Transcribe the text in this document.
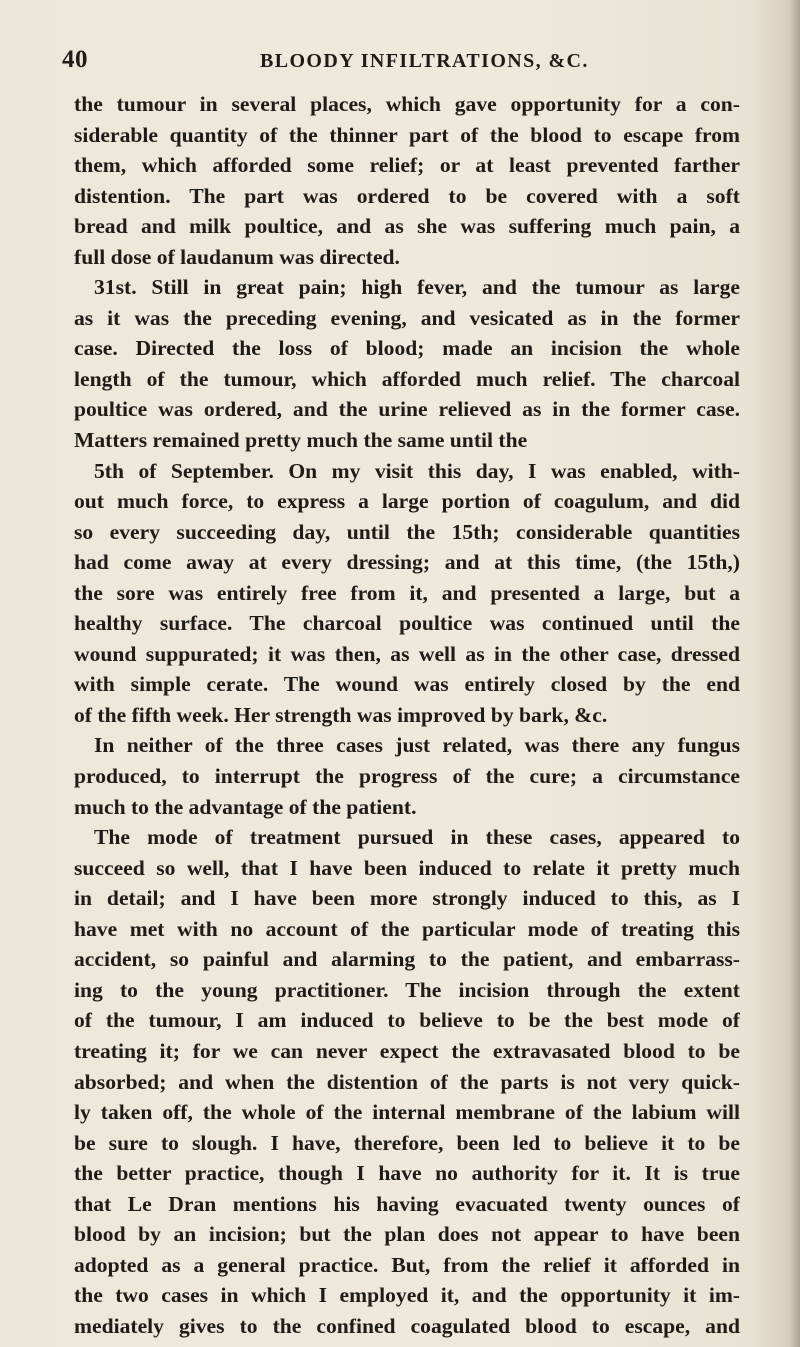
40	BLOODY INFILTRATIONS, &C.
the tumour in several places, which gave opportunity for a con-
siderable quantity of the thinner part of the blood to escape from
them, which afforded some relief; or at least prevented farther
distention. The part was ordered to be covered with a soft
bread and milk poultice, and as she was suffering much pain, a
full dose of laudanum was directed.
31st. Still in great pain; high fever, and the tumour as large
as it was the preceding evening, and vesicated as in the former
case. Directed the loss of blood; made an incision the whole
length of the tumour, which afforded much relief. The charcoal
poultice was ordered, and the urine relieved as in the former case.
Matters remained pretty much the same until the
5th of September. On my visit this day, I was enabled, with-
out much force, to express a large portion of coagulum, and did
so every succeeding day, until the 15th; considerable quantities
had come away at every dressing; and at this time, (the 15th,)
the sore was entirely free from it, and presented a large, but a
healthy surface. The charcoal poultice was continued until the
wound suppurated; it was then, as well as in the other case, dressed
with simple cerate. The wound was entirely closed by the end
of the fifth week. Her strength was improved by bark, &c.
In neither of the three cases just related, was there any fungus
produced, to interrupt the progress of the cure; a circumstance
much to the advantage of the patient.
The mode of treatment pursued in these cases, appeared to
succeed so well, that I have been induced to relate it pretty much
in detail; and I have been more strongly induced to this, as I
have met with no account of the particular mode of treating this
accident, so painful and alarming to the patient, and embarrass-
ing to the young practitioner. The incision through the extent
of the tumour, I am induced to believe to be the best mode of
treating it; for we can never expect the extravasated blood to be
absorbed; and when the distention of the parts is not very quick-
ly taken off, the whole of the internal membrane of the labium will
be sure to slough. I have, therefore, been led to believe it to be
the better practice, though I have no authority for it. It is true
that Le Dran mentions his having evacuated twenty ounces of
blood by an incision; but the plan does not appear to have been
adopted as a general practice. But, from the relief it afforded in
the two cases in which I employed it, and the opportunity it im-
mediately gives to the confined coagulated blood to escape, and
